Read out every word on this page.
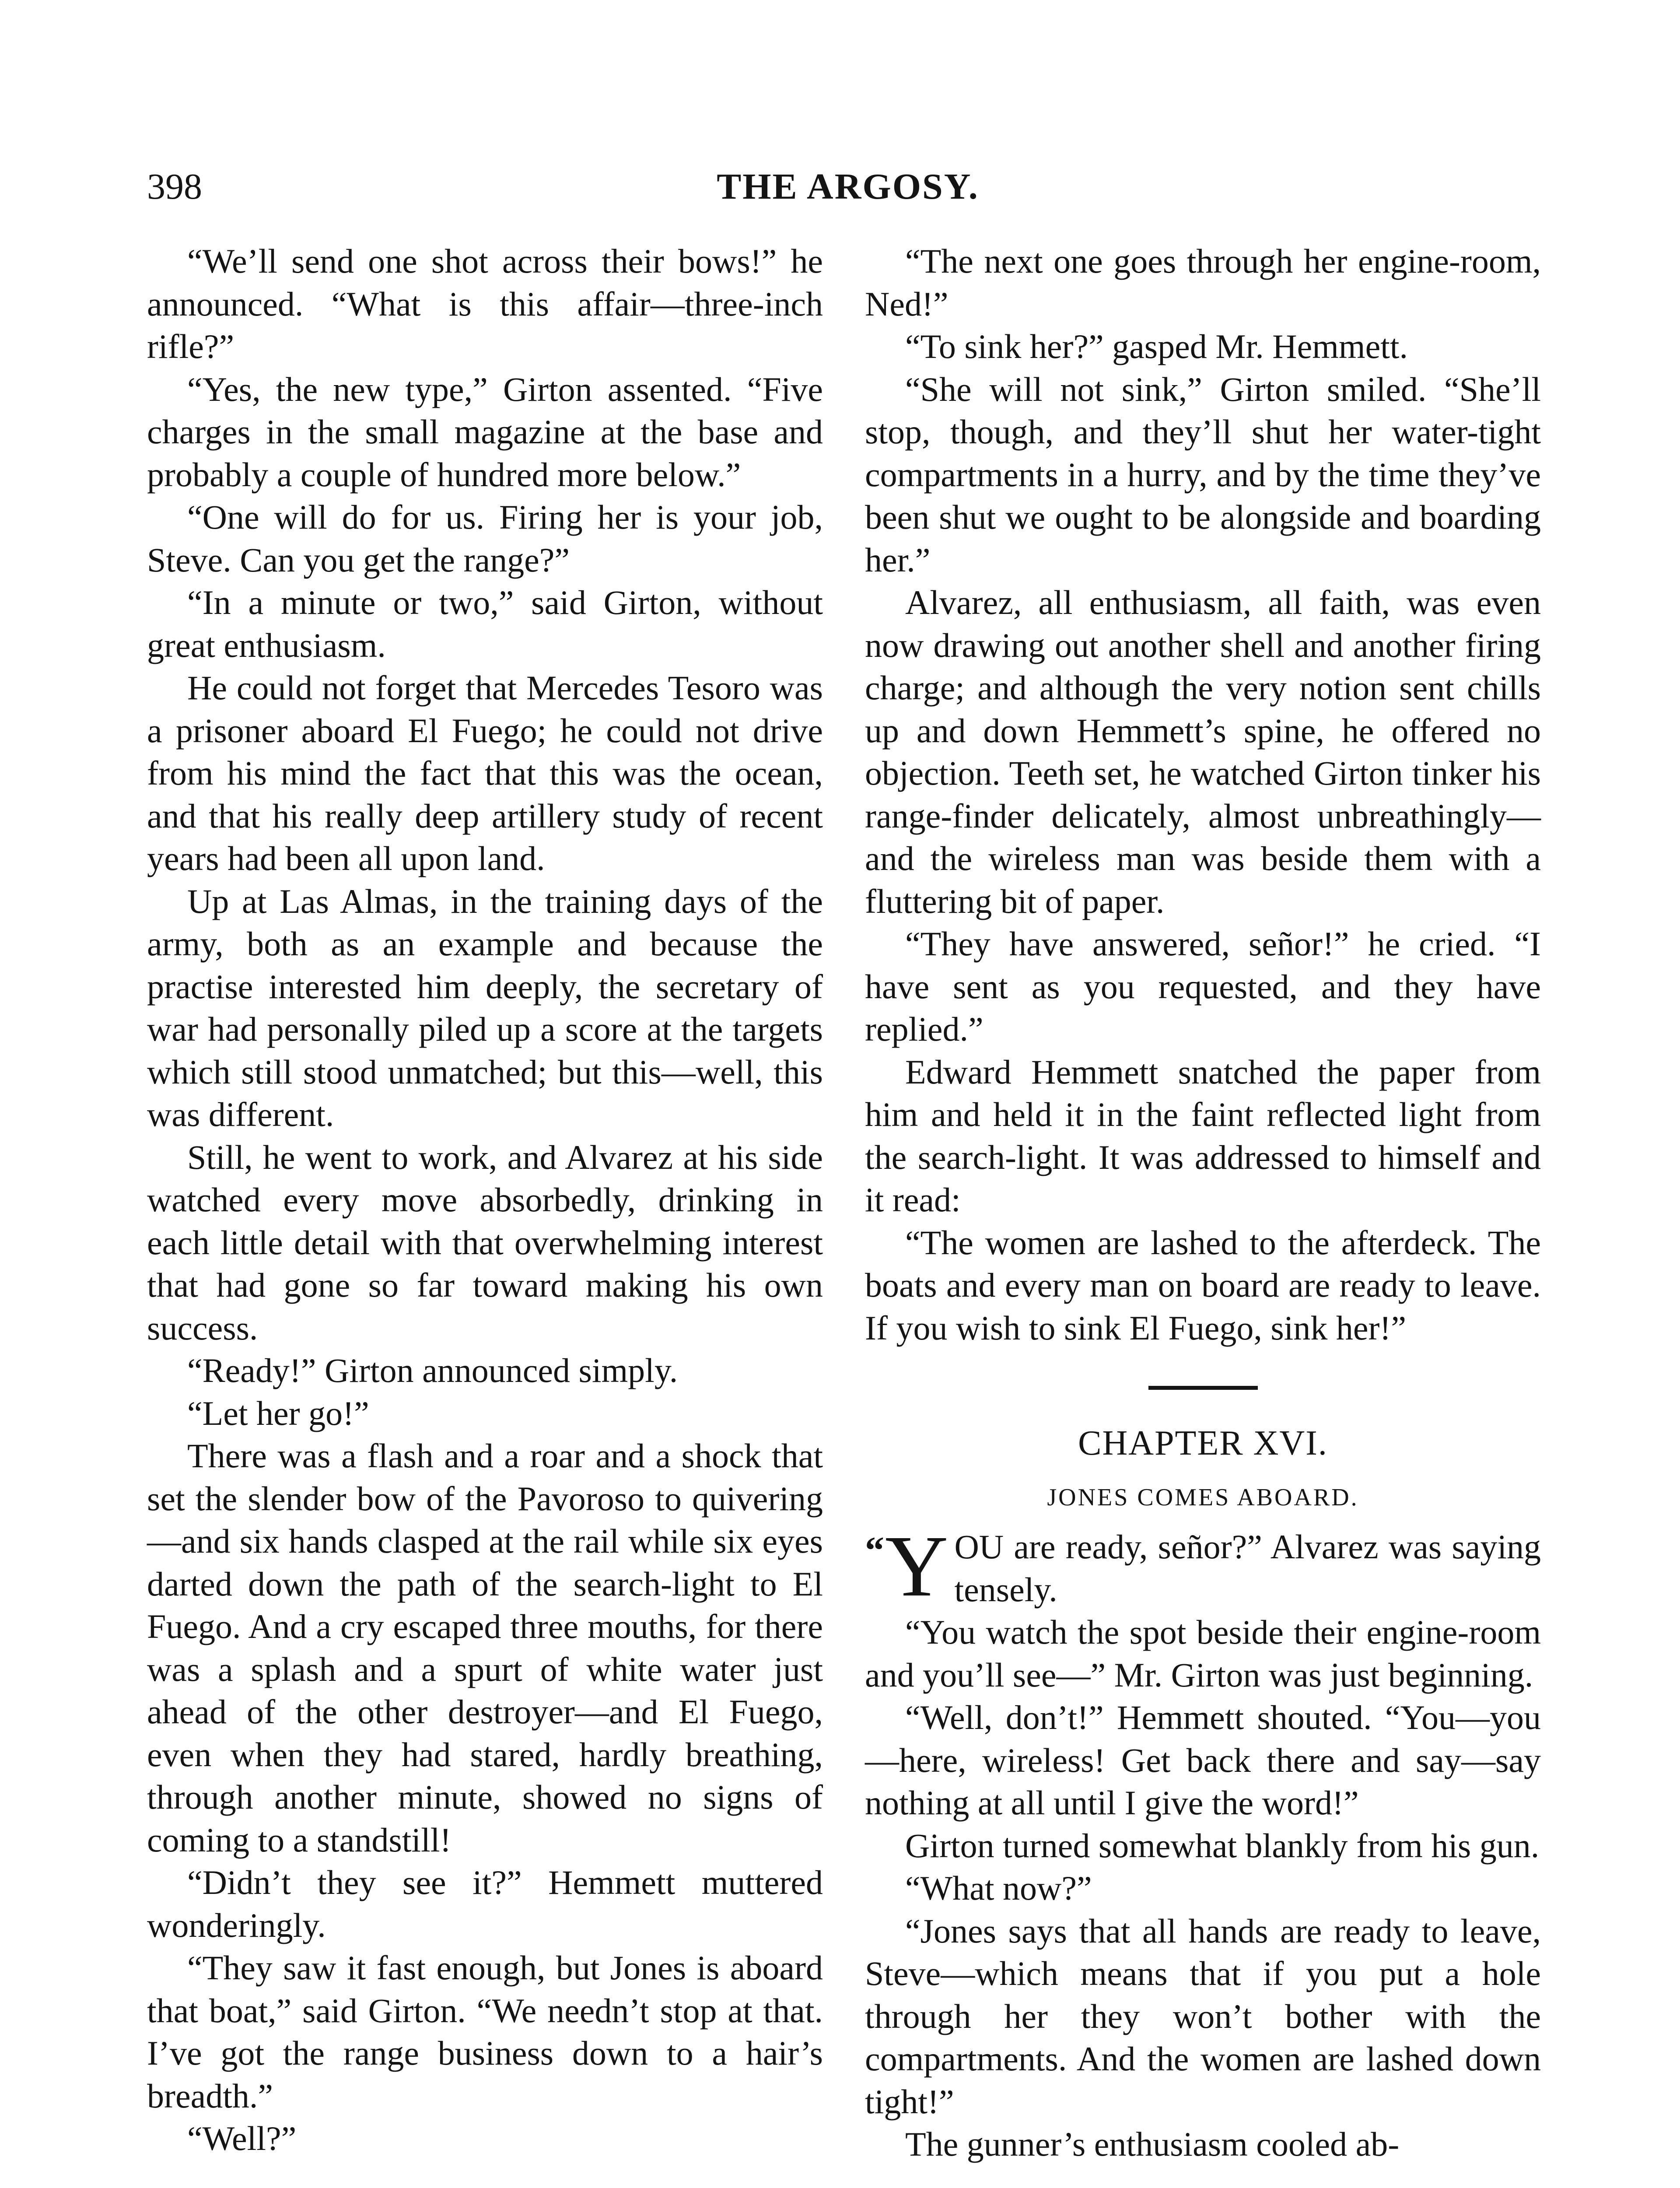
398	THE ARGOSY.

“We’ll send one shot across their bows!” he announced. “What is this affair—three-inch rifle?”

“Yes, the new type,” Girton assented. “Five charges in the small magazine at the base and probably a couple of hundred more below.”

“One will do for us. Firing her is your job, Steve. Can you get the range?”

“In a minute or two,” said Girton, without great enthusiasm.

He could not forget that Mercedes Tesoro was a prisoner aboard El Fuego; he could not drive from his mind the fact that this was the ocean, and that his really deep artillery study of recent years had been all upon land.

Up at Las Almas, in the training days of the army, both as an example and because the practise interested him deeply, the secretary of war had personally piled up a score at the targets which still stood unmatched; but this—well, this was different.

Still, he went to work, and Alvarez at his side watched every move absorbedly, drinking in each little detail with that overwhelming interest that had gone so far toward making his own success.

“Ready!” Girton announced simply.

“Let her go!”

There was a flash and a roar and a shock that set the slender bow of the Pavoroso to quivering—and six hands clasped at the rail while six eyes darted down the path of the search-light to El Fuego. And a cry escaped three mouths, for there was a splash and a spurt of white water just ahead of the other destroyer—and El Fuego, even when they had stared, hardly breathing, through another minute, showed no signs of coming to a standstill!

“Didn’t they see it?” Hemmett muttered wonderingly.

“They saw it fast enough, but Jones is aboard that boat,” said Girton. “We needn’t stop at that. I’ve got the range business down to a hair’s breadth.”

“Well?”

“The next one goes through her engine-room, Ned!”

“To sink her?” gasped Mr. Hemmett.

“She will not sink,” Girton smiled. “She’ll stop, though, and they’ll shut her water-tight compartments in a hurry, and by the time they’ve been shut we ought to be alongside and boarding her.”

Alvarez, all enthusiasm, all faith, was even now drawing out another shell and another firing charge; and although the very notion sent chills up and down Hemmett’s spine, he offered no objection. Teeth set, he watched Girton tinker his range-finder delicately, almost unbreathingly—and the wireless man was beside them with a fluttering bit of paper.

“They have answered, señor!” he cried. “I have sent as you requested, and they have replied.”

Edward Hemmett snatched the paper from him and held it in the faint reflected light from the search-light. It was addressed to himself and it read:

“The women are lashed to the afterdeck. The boats and every man on board are ready to leave. If you wish to sink El Fuego, sink her!”

CHAPTER XVI.
JONES COMES ABOARD.

“ Y OU are ready, señor?” Alvarez was saying tensely.

“You watch the spot beside their engine-room and you’ll see—” Mr. Girton was just beginning.

“Well, don’t!” Hemmett shouted. “You—you—here, wireless! Get back there and say—say nothing at all until I give the word!”

Girton turned somewhat blankly from his gun.

“What now?”

“Jones says that all hands are ready to leave, Steve—which means that if you put a hole through her they won’t bother with the compartments. And the women are lashed down tight!”

The gunner’s enthusiasm cooled ab-
